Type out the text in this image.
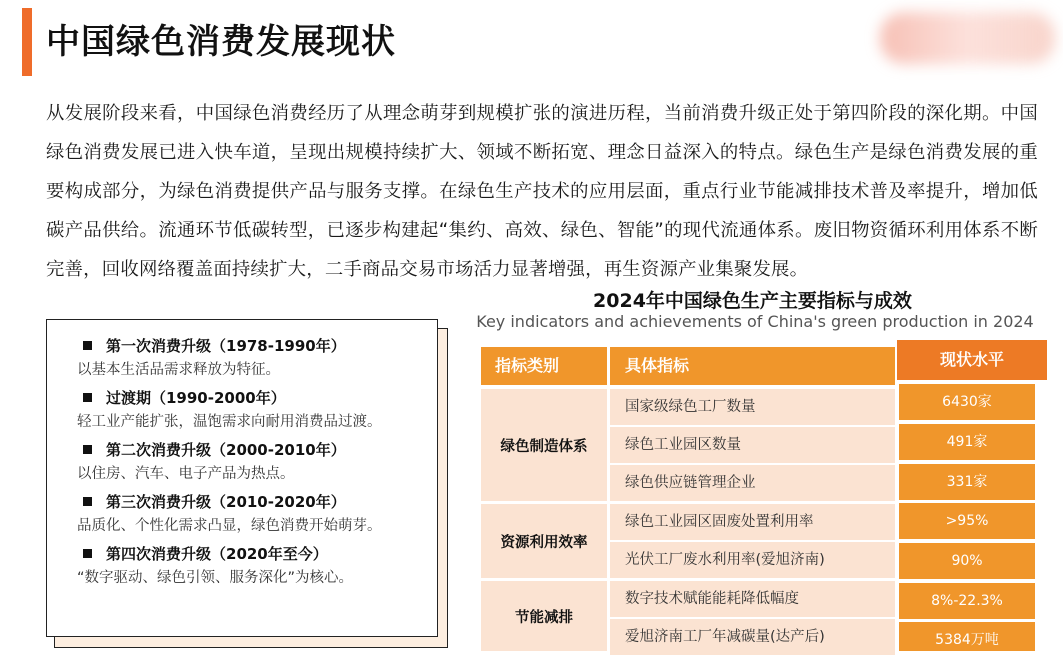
中国绿色消费发展现状
从发展阶段来看，中国绿色消费经历了从理念萌芽到规模扩张的演进历程，当前消费升级正处于第四阶段的深化期。中国绿色消费发展已进入快车道，呈现出规模持续扩大、领域不断拓宽、理念日益深入的特点。绿色生产是绿色消费发展的重要构成部分，为绿色消费提供产品与服务支撑。在绿色生产技术的应用层面，重点行业节能减排技术普及率提升，增加低碳产品供给。流通环节低碳转型，已逐步构建起“集约、高效、绿色、智能”的现代流通体系。废旧物资循环利用体系不断完善，回收网络覆盖面持续扩大，二手商品交易市场活力显著增强，再生资源产业集聚发展。
第一次消费升级（1978-1990年）
以基本生活品需求释放为特征。
过渡期（1990-2000年）
轻工业产能扩张，温饱需求向耐用消费品过渡。
第二次消费升级（2000-2010年）
以住房、汽车、电子产品为热点。
第三次消费升级（2010-2020年）
品质化、个性化需求凸显，绿色消费开始萌芽。
第四次消费升级（2020年至今）
“数字驱动、绿色引领、服务深化”为核心。
2024年中国绿色生产主要指标与成效
Key indicators and achievements of China's green production in 2024
指标类别	具体指标	现状水平
绿色制造体系
资源利用效率
节能减排
国家级绿色工厂数量
绿色工业园区数量
绿色供应链管理企业
绿色工业园区固废处置利用率
光伏工厂废水利用率(爱旭济南)
数字技术赋能能耗降低幅度
爱旭济南工厂年减碳量(达产后)
6430家
491家
331家
>95%
90%
8%-22.3%
5384万吨
